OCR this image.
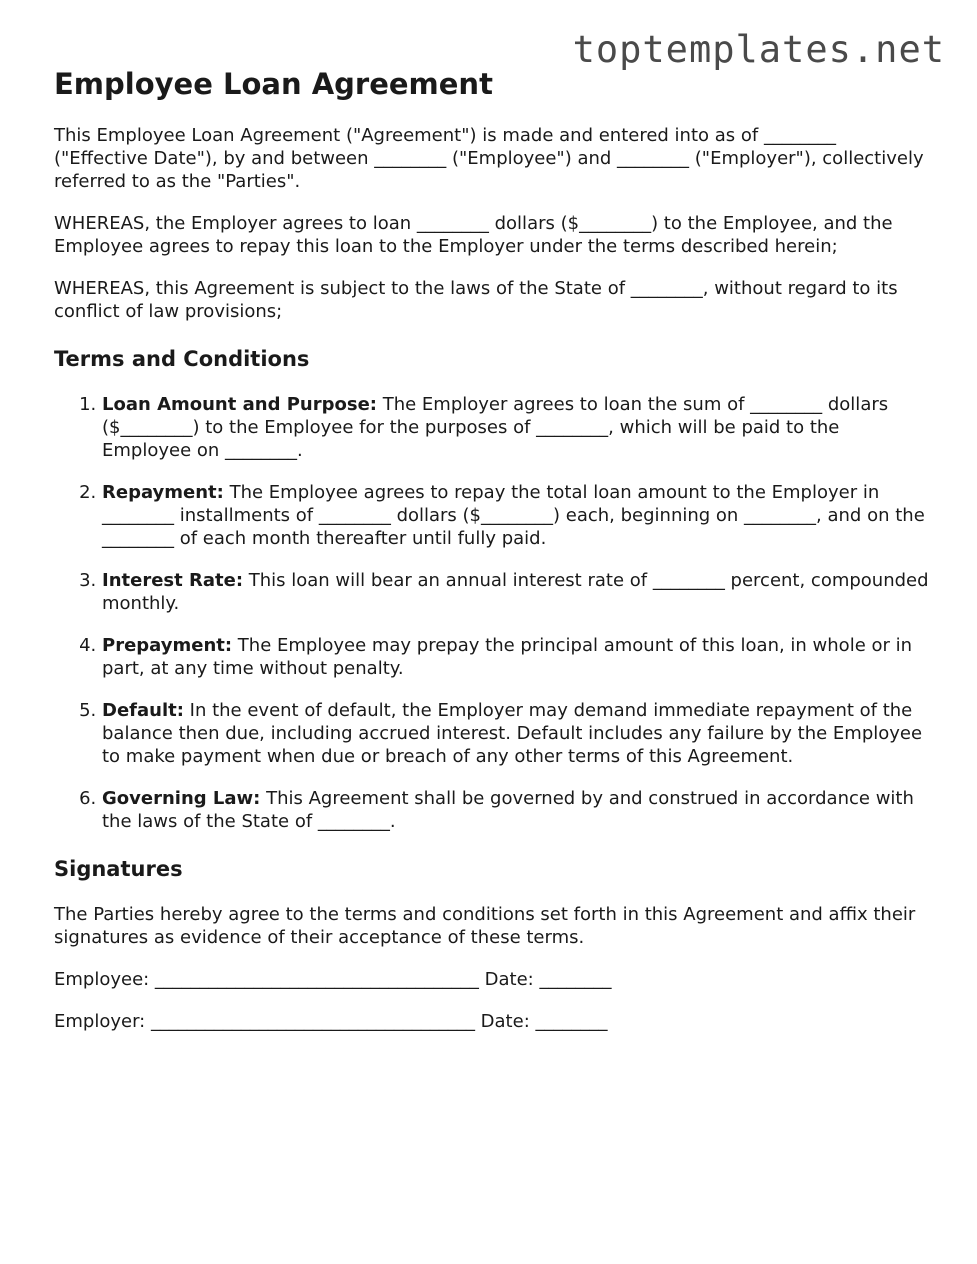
toptemplates.net
Employee Loan Agreement

This Employee Loan Agreement ("Agreement") is made and entered into as of ________ ("Effective Date"), by and between ________ ("Employee") and ________ ("Employer"), collectively referred to as the "Parties".

WHEREAS, the Employer agrees to loan ________ dollars ($________) to the Employee, and the Employee agrees to repay this loan to the Employer under the terms described herein;

WHEREAS, this Agreement is subject to the laws of the State of ________, without regard to its conflict of law provisions;

Terms and Conditions
1. Loan Amount and Purpose: The Employer agrees to loan the sum of ________ dollars ($________) to the Employee for the purposes of ________, which will be paid to the Employee on ________.
2. Repayment: The Employee agrees to repay the total loan amount to the Employer in ________ installments of ________ dollars ($________) each, beginning on ________, and on the ________ of each month thereafter until fully paid.
3. Interest Rate: This loan will bear an annual interest rate of ________ percent, compounded monthly.
4. Prepayment: The Employee may prepay the principal amount of this loan, in whole or in part, at any time without penalty.
5. Default: In the event of default, the Employer may demand immediate repayment of the balance then due, including accrued interest. Default includes any failure by the Employee to make payment when due or breach of any other terms of this Agreement.
6. Governing Law: This Agreement shall be governed by and construed in accordance with the laws of the State of ________.
Signatures

The Parties hereby agree to the terms and conditions set forth in this Agreement and affix their signatures as evidence of their acceptance of these terms.

Employee: ____________________________________ Date: ________
Employer: ____________________________________ Date: ________
